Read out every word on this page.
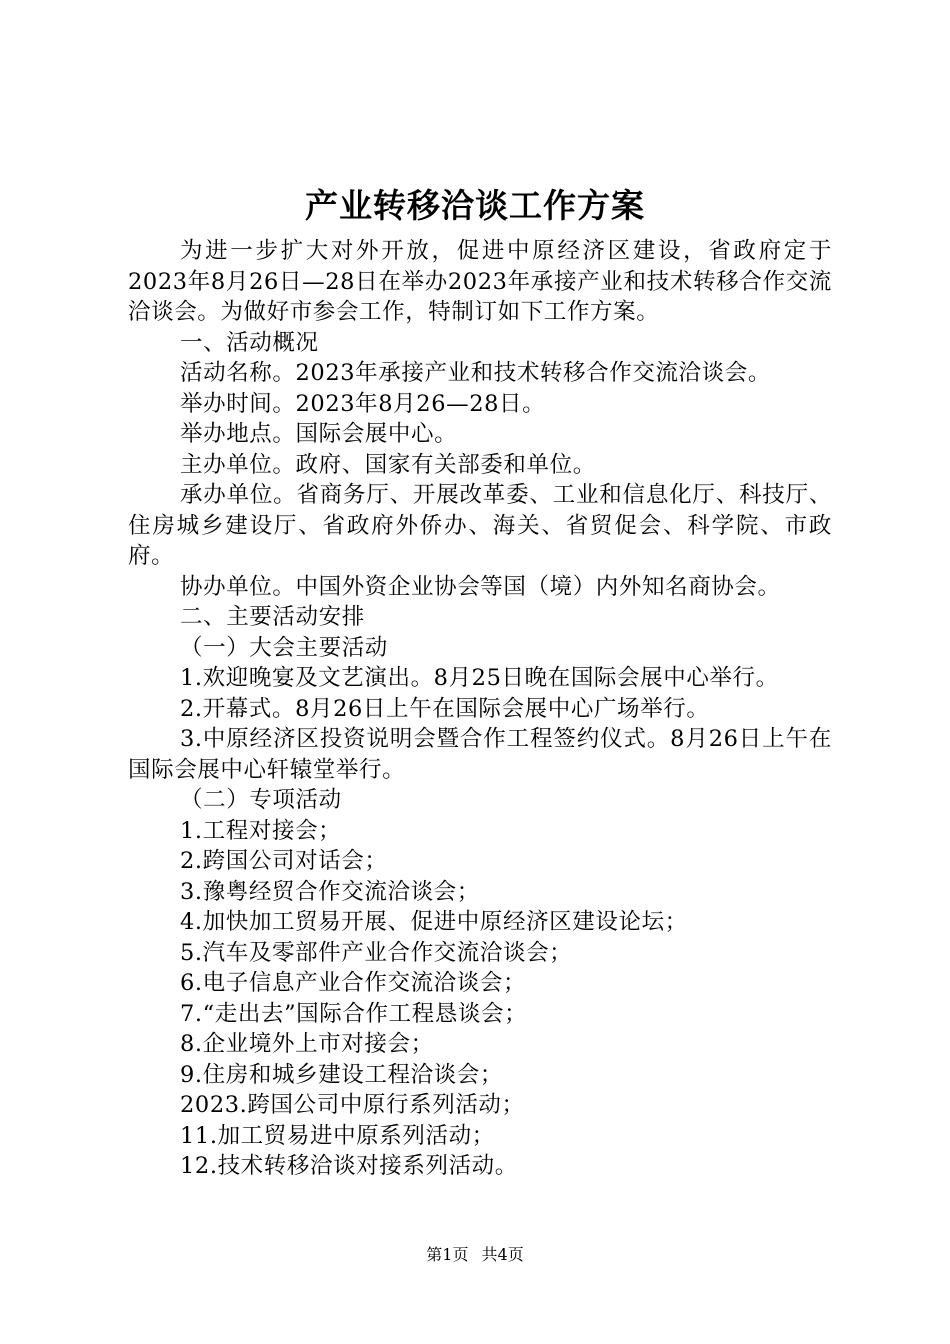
产业转移洽谈工作方案

为进一步扩大对外开放，促进中原经济区建设，省政府定于2023年8月26日—28日在举办2023年承接产业和技术转移合作交流洽谈会。为做好市参会工作，特制订如下工作方案。

一、活动概况

活动名称。2023年承接产业和技术转移合作交流洽谈会。

举办时间。2023年8月26—28日。

举办地点。国际会展中心。

主办单位。政府、国家有关部委和单位。

承办单位。省商务厅、开展改革委、工业和信息化厅、科技厅、住房城乡建设厅、省政府外侨办、海关、省贸促会、科学院、市政府。

协办单位。中国外资企业协会等国（境）内外知名商协会。

二、主要活动安排

（一）大会主要活动

1.欢迎晚宴及文艺演出。8月25日晚在国际会展中心举行。

2.开幕式。8月26日上午在国际会展中心广场举行。

3.中原经济区投资说明会暨合作工程签约仪式。8月26日上午在国际会展中心轩辕堂举行。

（二）专项活动

1.工程对接会；

2.跨国公司对话会；

3.豫粤经贸合作交流洽谈会；

4.加快加工贸易开展、促进中原经济区建设论坛；

5.汽车及零部件产业合作交流洽谈会；

6.电子信息产业合作交流洽谈会；

7.“走出去”国际合作工程恳谈会；

8.企业境外上市对接会；

9.住房和城乡建设工程洽谈会；

2023.跨国公司中原行系列活动；

11.加工贸易进中原系列活动；

12.技术转移洽谈对接系列活动。

第1页 共4页
